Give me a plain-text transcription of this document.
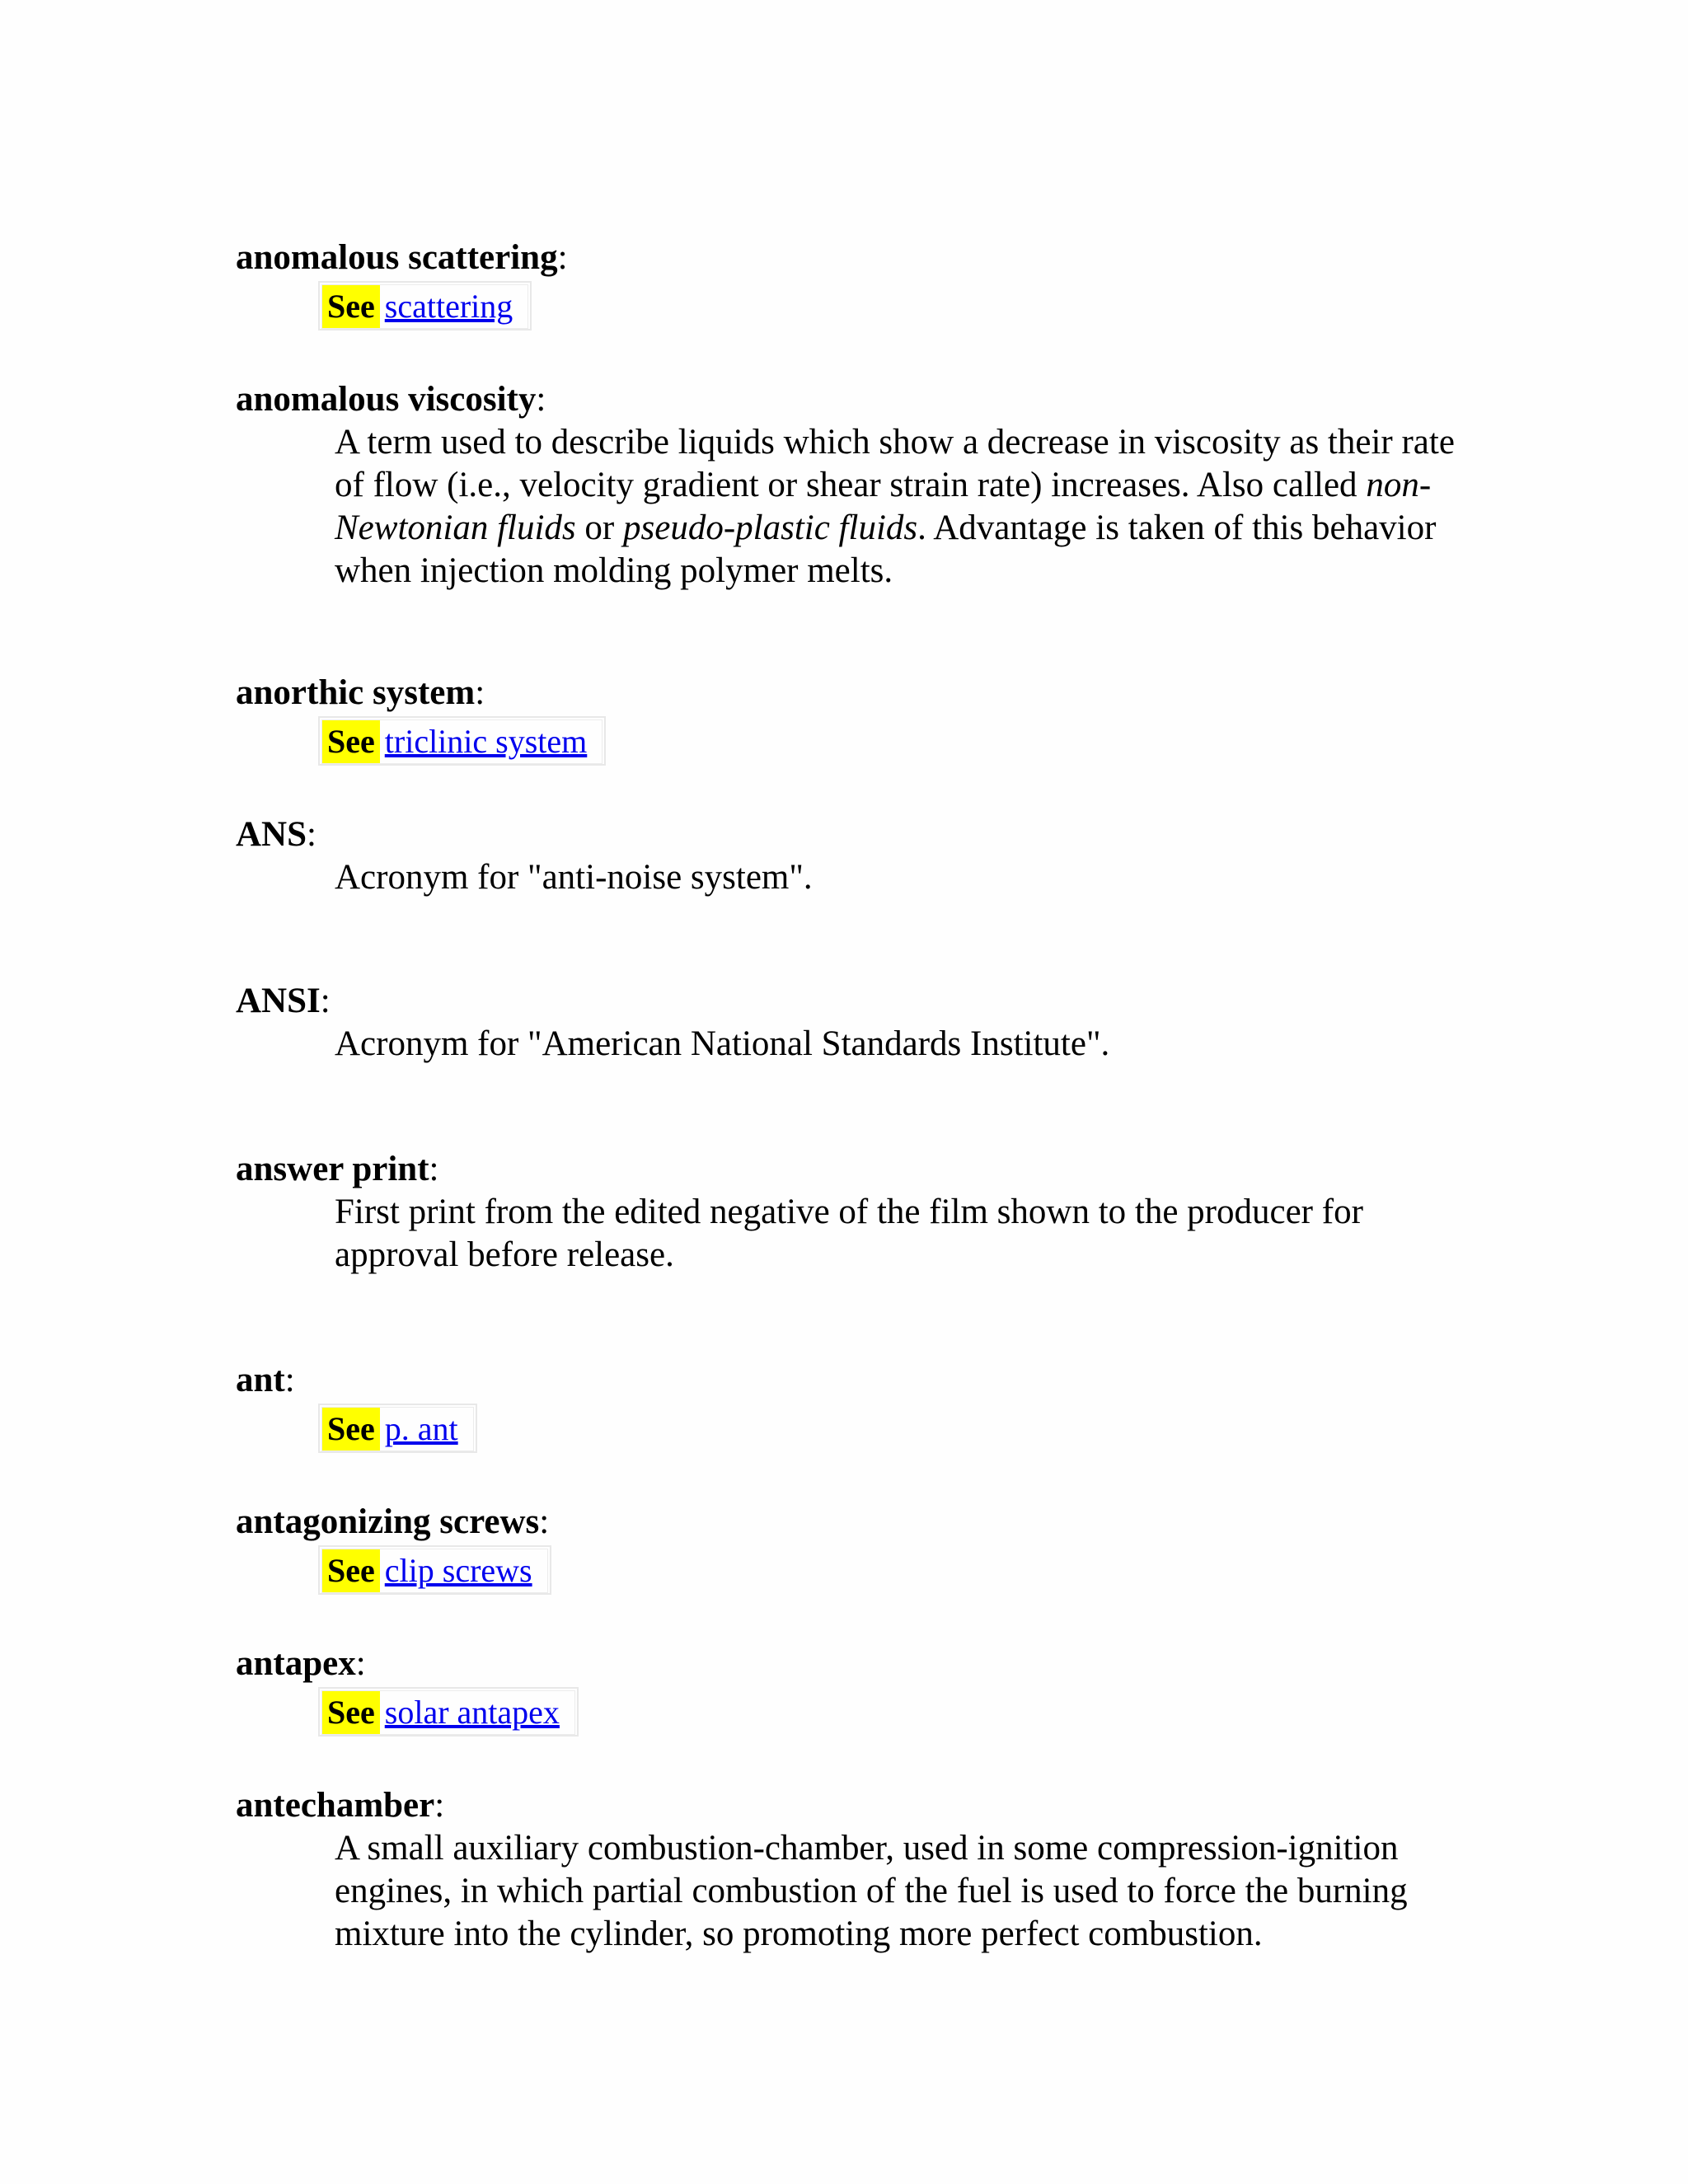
anomalous scattering:
See scattering
anomalous viscosity:
A term used to describe liquids which show a decrease in viscosity as their rate of flow (i.e., velocity gradient or shear strain rate) increases. Also called non-Newtonian fluids or pseudo-plastic fluids. Advantage is taken of this behavior when injection molding polymer melts.
anorthic system:
See triclinic system
ANS:
Acronym for "anti-noise system".
ANSI:
Acronym for "American National Standards Institute".
answer print:
First print from the edited negative of the film shown to the producer for approval before release.
ant:
See p. ant
antagonizing screws:
See clip screws
antapex:
See solar antapex
antechamber:
A small auxiliary combustion-chamber, used in some compression-ignition engines, in which partial combustion of the fuel is used to force the burning mixture into the cylinder, so promoting more perfect combustion.
